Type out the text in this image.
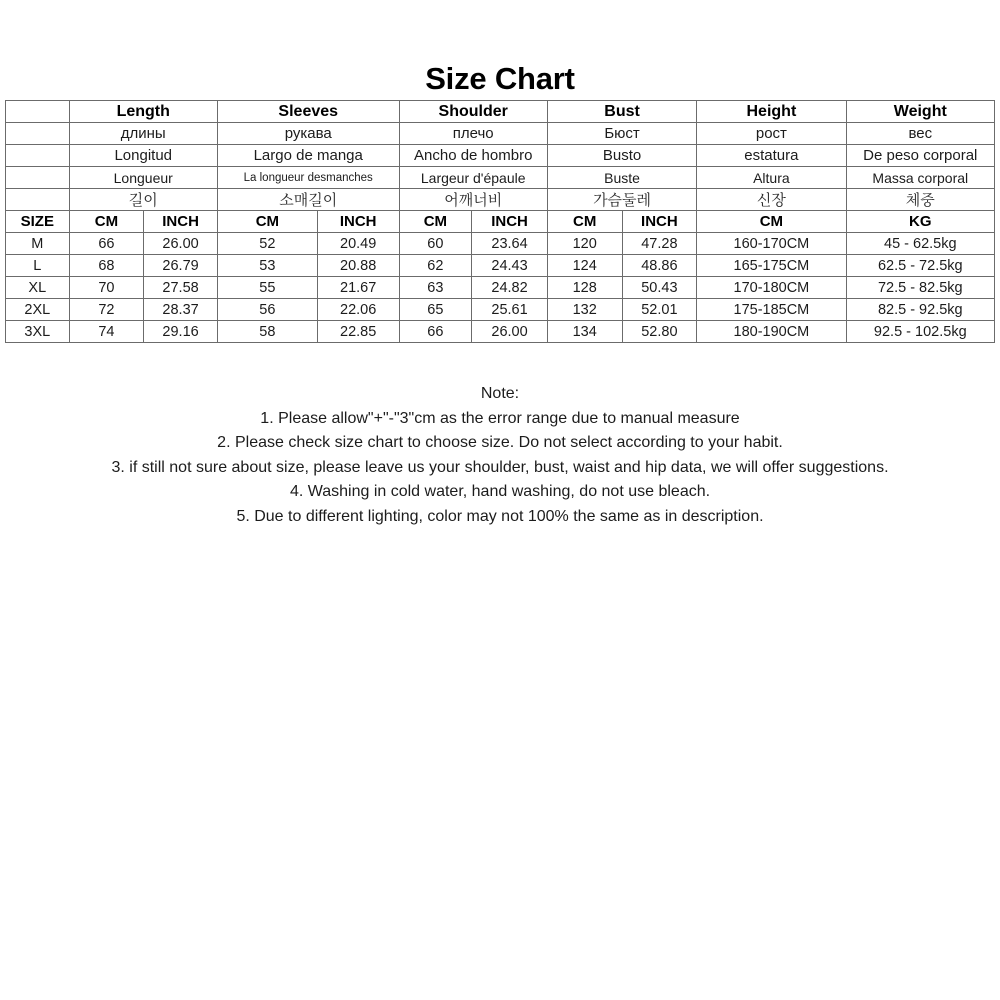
Size Chart
	Length		Sleeves		Shoulder		Bust		Height	Weight
	длины		рукава		плечо		Бюст		рост	вес
	Longitud		Largo de manga		Ancho de hombro		Busto		estatura	De peso corporal
	Longueur		La longueur desmanches		Largeur d'épaule		Buste		Altura	Massa corporal
	길이		소매길이		어깨너비		가슴둘레		신장	체중
SIZE	CM	INCH	CM	INCH	CM	INCH	CM	INCH	CM	KG
M	66	26.00	52	20.49	60	23.64	120	47.28	160-170CM	45 - 62.5kg
L	68	26.79	53	20.88	62	24.43	124	48.86	165-175CM	62.5 - 72.5kg
XL	70	27.58	55	21.67	63	24.82	128	50.43	170-180CM	72.5 - 82.5kg
2XL	72	28.37	56	22.06	65	25.61	132	52.01	175-185CM	82.5 - 92.5kg
3XL	74	29.16	58	22.85	66	26.00	134	52.80	180-190CM	92.5 - 102.5kg
Note:
1. Please allow"+"-"3"cm as the error range due to manual measure
2. Please check size chart to choose size. Do not select according to your habit.
3. if still not sure about size, please leave us your shoulder, bust, waist and hip data, we will offer suggestions.
4. Washing in cold water, hand washing, do not use bleach.
5. Due to different lighting, color may not 100% the same as in description.
